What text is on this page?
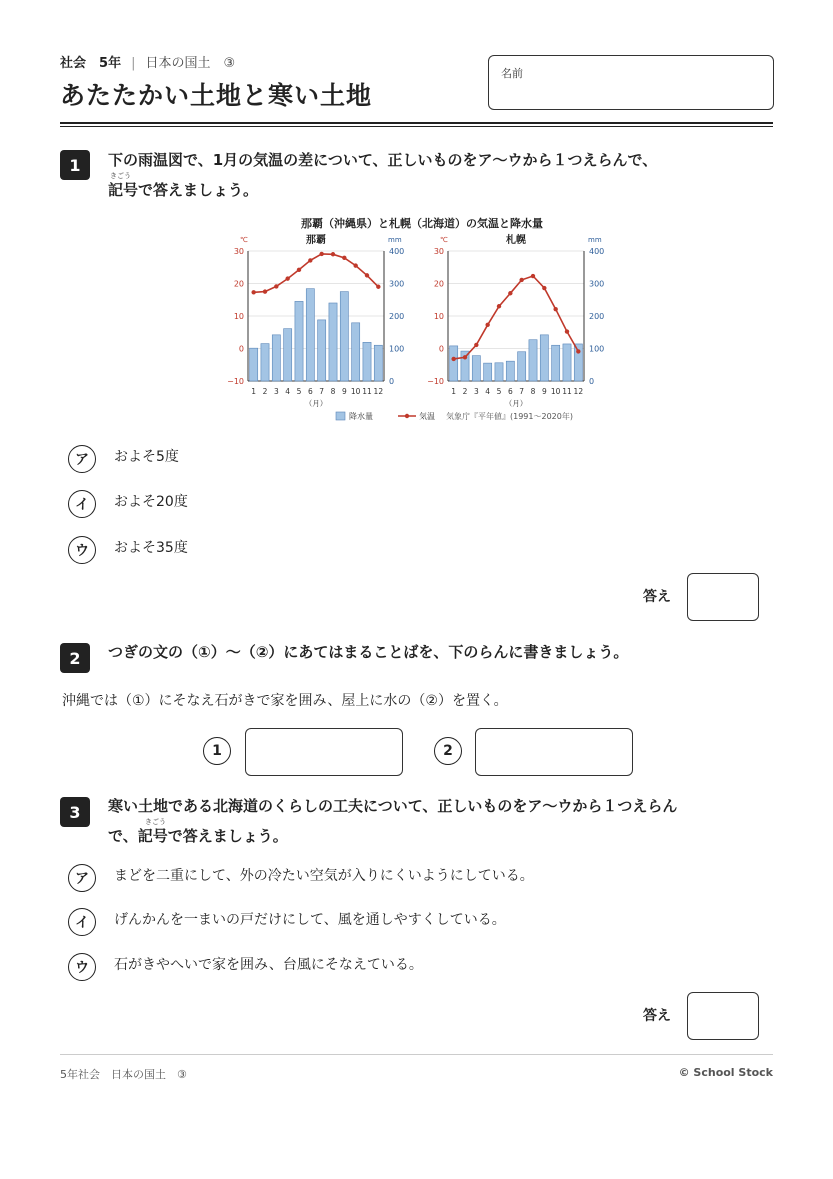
社会　 5年 | 日本の国土　③
あたたかい土地と寒い土地
名前
1	下の雨温図で、1月の気温の差について、正しいものをア〜ウから１つえらんで、
きごう
記号で答えましょう。
那覇（沖縄県）と札幌（北海道）の気温と降水量
℃	mm
那覇
30	400
20	300
10	200
0	100
−10	0
1 2 3 4 5 6 7 8 9 10 11 12
（月）
℃	mm
札幌
30	400
20	300
10	200
0	100
−10	0
1 2 3 4 5 6 7 8 9 10 11 12
（月）
降水量	気温 気象庁『平年値』(1991〜2020年)
ア	およそ5度
イ	およそ20度
ウ	およそ35度
答え
2	つぎの文の（①）〜（②）にあてはまることばを、下のらんに書きましょう。
沖縄では（①）にそなえ石がきで家を囲み、屋上に水の（②）を置く。
1	2
3	寒い土地である北海道のくらしの工夫について、正しいものをア〜ウから１つえらん
きごう
で、記号で答えましょう。
ア	まどを二重にして、外の冷たい空気が入りにくいようにしている。
イ	げんかんを一まいの戸だけにして、風を通しやすくしている。
ウ	石がきやへいで家を囲み、台風にそなえている。
答え
5年社会　日本の国土　③	© School Stock
